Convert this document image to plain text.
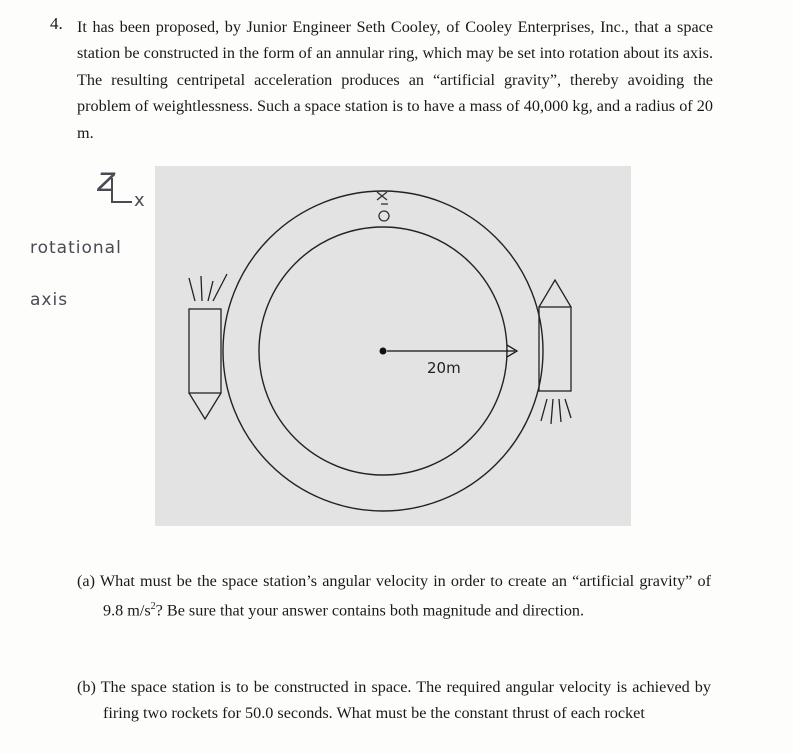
4. It has been proposed, by Junior Engineer Seth Cooley, of Cooley Enterprises, Inc., that a space station be constructed in the form of an annular ring, which may be set into rotation about its axis. The resulting centripetal acceleration produces an “artificial gravity”, thereby avoiding the problem of weightlessness. Such a space station is to have a mass of 40,000 kg, and a radius of 20 m.
z
x
rotational
axis
20m
(a) What must be the space station’s angular velocity in order to create an “artificial gravity” of 9.8 $m/s^2$? Be sure that your answer contains both magnitude and direction.
(b) The space station is to be constructed in space. The required angular velocity is achieved by firing two rockets for 50.0 seconds. What must be the constant thrust of each rocket
